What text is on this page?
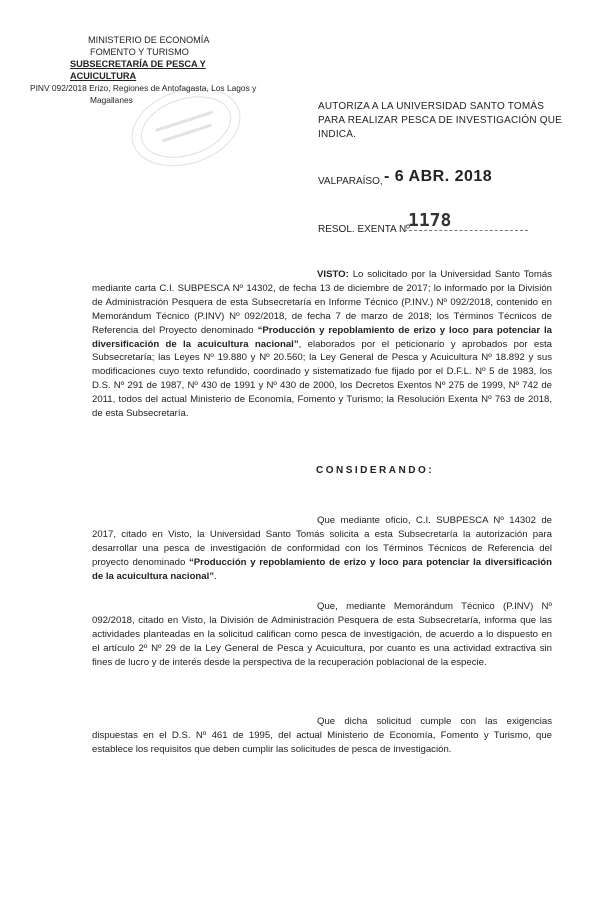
MINISTERIO DE ECONOMÍA
FOMENTO Y TURISMO
SUBSECRETARÍA DE PESCA Y ACUICULTURA
PINV 092/2018 Erizo, Regiones de Antofagasta, Los Lagos y
Magallanes
AUTORIZA A LA UNIVERSIDAD SANTO TOMÁS PARA REALIZAR PESCA DE INVESTIGACIÓN QUE INDICA.
VALPARAÍSO, - 6 ABR. 2018
RESOL. EXENTA Nº
1178
VISTO: Lo solicitado por la Universidad Santo Tomás mediante carta C.I. SUBPESCA Nº 14302, de fecha 13 de diciembre de 2017; lo informado por la División de Administración Pesquera de esta Subsecretaría en Informe Técnico (P.INV.) Nº 092/2018, contenido en Memorándum Técnico (P.INV) Nº 092/2018, de fecha 7 de marzo de 2018; los Términos Técnicos de Referencia del Proyecto denominado “Producción y repoblamiento de erizo y loco para potenciar la diversificación de la acuicultura nacional”, elaborados por el peticionario y aprobados por esta Subsecretaría; las Leyes Nº 19.880 y Nº 20.560; la Ley General de Pesca y Acuicultura Nº 18.892 y sus modificaciones cuyo texto refundido, coordinado y sistematizado fue fijado por el D.F.L. Nº 5 de 1983, los D.S. Nº 291 de 1987, Nº 430 de 1991 y Nº 430 de 2000, los Decretos Exentos Nº 275 de 1999, Nº 742 de 2011, todos del actual Ministerio de Economía, Fomento y Turismo; la Resolución Exenta Nº 763 de 2018, de esta Subsecretaría.
CONSIDERANDO:
Que mediante oficio, C.I. SUBPESCA Nº 14302 de 2017, citado en Visto, la Universidad Santo Tomás solicita a esta Subsecretaría la autorización para desarrollar una pesca de investigación de conformidad con los Términos Técnicos de Referencia del proyecto denominado “Producción y repoblamiento de erizo y loco para potenciar la diversificación de la acuicultura nacional”.
Que, mediante Memorándum Técnico (P.INV) Nº 092/2018, citado en Visto, la División de Administración Pesquera de esta Subsecretaría, informa que las actividades planteadas en la solicitud califican como pesca de investigación, de acuerdo a lo dispuesto en el artículo 2º Nº 29 de la Ley General de Pesca y Acuicultura, por cuanto es una actividad extractiva sin fines de lucro y de interés desde la perspectiva de la recuperación poblacional de la especie.
Que dicha solicitud cumple con las exigencias dispuestas en el D.S. Nº 461 de 1995, del actual Ministerio de Economía, Fomento y Turismo, que establece los requisitos que deben cumplir las solicitudes de pesca de investigación.
